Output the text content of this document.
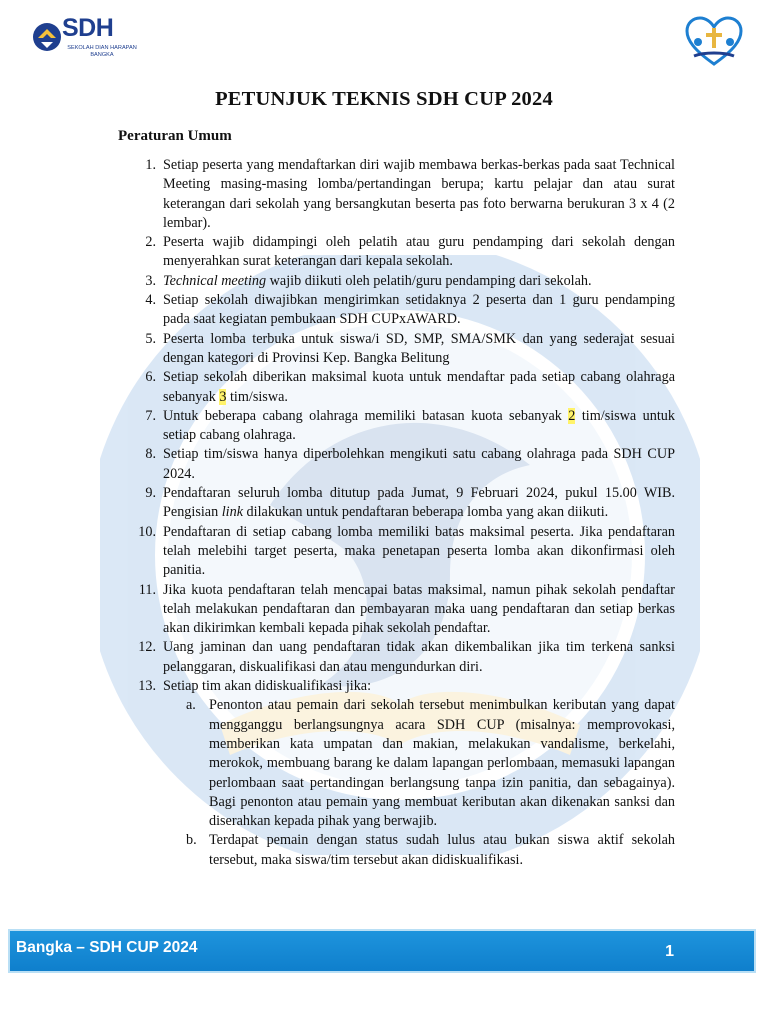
SDH
SEKOLAH DIAN HARAPAN
BANGKA
PETUNJUK TEKNIS SDH CUP 2024
Peraturan Umum
1. Setiap peserta yang mendaftarkan diri wajib membawa berkas-berkas pada saat Technical Meeting masing-masing lomba/pertandingan berupa; kartu pelajar dan atau surat keterangan dari sekolah yang bersangkutan beserta pas foto berwarna berukuran 3 x 4 (2 lembar).
2. Peserta wajib didampingi oleh pelatih atau guru pendamping dari sekolah dengan menyerahkan surat keterangan dari kepala sekolah.
3. Technical meeting wajib diikuti oleh pelatih/guru pendamping dari sekolah.
4. Setiap sekolah diwajibkan mengirimkan setidaknya 2 peserta dan 1 guru pendamping pada saat kegiatan pembukaan SDH CUPxAWARD.
5. Peserta lomba terbuka untuk siswa/i SD, SMP, SMA/SMK dan yang sederajat sesuai dengan kategori di Provinsi Kep. Bangka Belitung
6. Setiap sekolah diberikan maksimal kuota untuk mendaftar pada setiap cabang olahraga sebanyak 3 tim/siswa.
7. Untuk beberapa cabang olahraga memiliki batasan kuota sebanyak 2 tim/siswa untuk setiap cabang olahraga.
8. Setiap tim/siswa hanya diperbolehkan mengikuti satu cabang olahraga pada SDH CUP 2024.
9. Pendaftaran seluruh lomba ditutup pada Jumat, 9 Februari 2024, pukul 15.00 WIB. Pengisian link dilakukan untuk pendaftaran beberapa lomba yang akan diikuti.
10. Pendaftaran di setiap cabang lomba memiliki batas maksimal peserta. Jika pendaftaran telah melebihi target peserta, maka penetapan peserta lomba akan dikonfirmasi oleh panitia.
11. Jika kuota pendaftaran telah mencapai batas maksimal, namun pihak sekolah pendaftar telah melakukan pendaftaran dan pembayaran maka uang pendaftaran dan setiap berkas akan dikirimkan kembali kepada pihak sekolah pendaftar.
12. Uang jaminan dan uang pendaftaran tidak akan dikembalikan jika tim terkena sanksi pelanggaran, diskualifikasi dan atau mengundurkan diri.
13. Setiap tim akan didiskualifikasi jika:
a. Penonton atau pemain dari sekolah tersebut menimbulkan keributan yang dapat mengganggu berlangsungnya acara SDH CUP (misalnya: memprovokasi, memberikan kata umpatan dan makian, melakukan vandalisme, berkelahi, merokok, membuang barang ke dalam lapangan perlombaan, memasuki lapangan perlombaan saat pertandingan berlangsung tanpa izin panitia, dan sebagainya). Bagi penonton atau pemain yang membuat keributan akan dikenakan sanksi dan diserahkan kepada pihak yang berwajib.
b. Terdapat pemain dengan status sudah lulus atau bukan siswa aktif sekolah tersebut, maka siswa/tim tersebut akan didiskualifikasi.
Bangka – SDH CUP 2024	1
